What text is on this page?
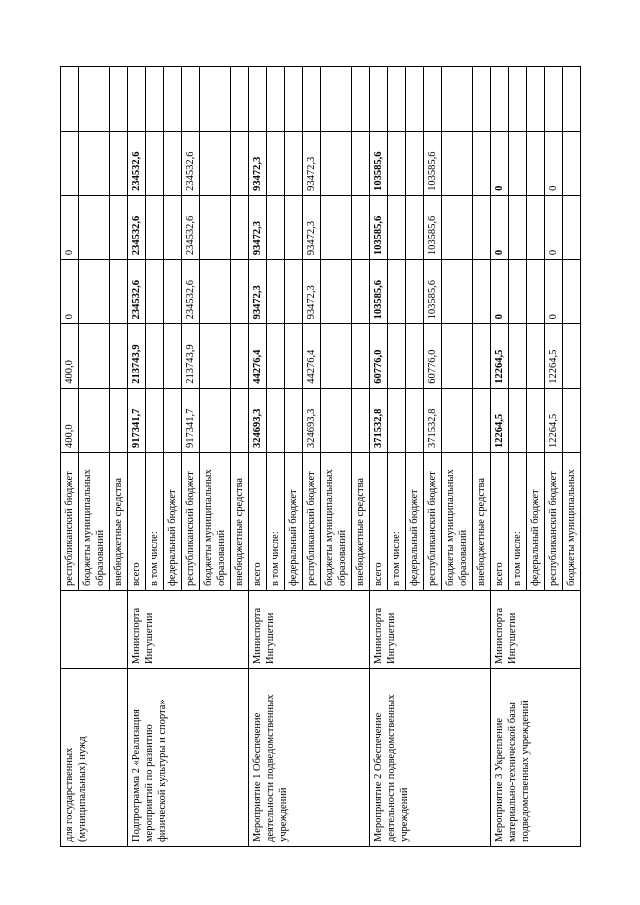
для государственных (муниципальных) нужд		республиканский бюджет	400,0	400,0	0	0		
		бюджеты муниципальных образований						
		внебюджетные средства						
Подпрограмма 2 «Реализация мероприятий по развитию физической культуры и спорта»	Миниспорта Ингушетии	всего	917341,7	213743,9	234532,6	234532,6	234532,6	
		в том числе:						
		федеральный бюджет						
		республиканский бюджет	917341,7	213743,9	234532,6	234532,6	234532,6	
		бюджеты муниципальных образований						
		внебюджетные средства						
Мероприятие 1 Обеспечение деятельности подведомственных учреждений	Миниспорта Ингушетии	всего	324693,3	44276,4	93472,3	93472,3	93472,3	
		в том числе:						
		федеральный бюджет						
		республиканский бюджет	324693,3	44276,4	93472,3	93472,3	93472,3	
		бюджеты муниципальных образований						
		внебюджетные средства						
Мероприятие 2 Обеспечение деятельности подведомственных учреждений	Миниспорта Ингушетии	всего	371532,8	60776,0	103585,6	103585,6	103585,6	
		в том числе:						
		федеральный бюджет						
		республиканский бюджет	371532,8	60776,0	103585,6	103585,6	103585,6	
		бюджеты муниципальных образований						
		внебюджетные средства						
Мероприятие 3 Укрепление материально-технической базы подведомственных учреждений	Миниспорта Ингушетии	всего	12264,5	12264,5	0	0	0	
		в том числе:						
		федеральный бюджет						
		республиканский бюджет	12264,5	12264,5	0	0	0	
		бюджеты муниципальных						
